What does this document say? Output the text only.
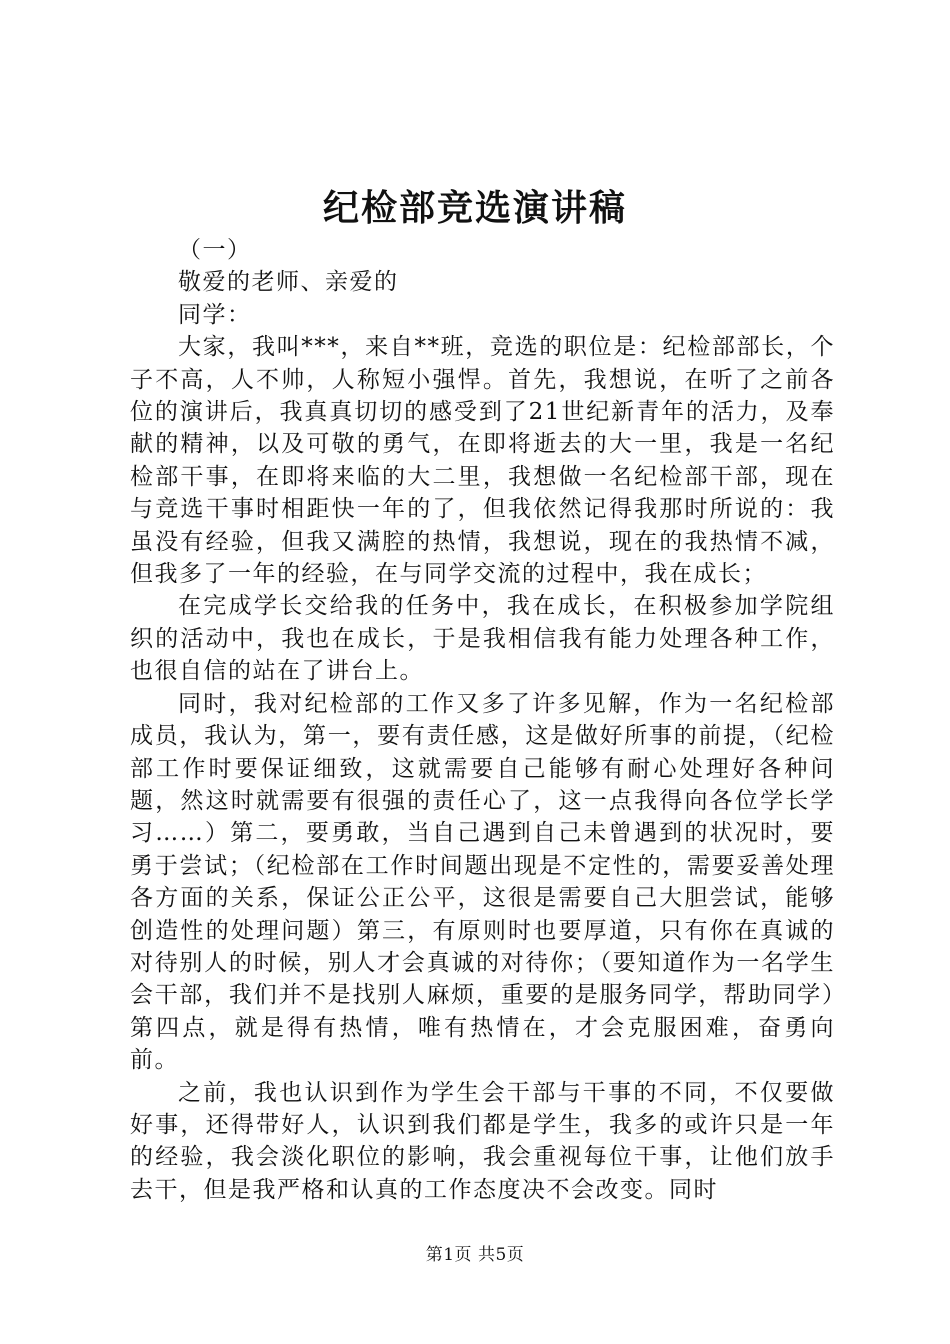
纪检部竞选演讲稿

（一）

敬爱的老师、亲爱的

同学：

大家，我叫***，来自**班，竞选的职位是：纪检部部长，个子不高，人不帅，人称短小强悍。首先，我想说，在听了之前各位的演讲后，我真真切切的感受到了21世纪新青年的活力，及奉献的精神，以及可敬的勇气，在即将逝去的大一里，我是一名纪检部干事，在即将来临的大二里，我想做一名纪检部干部，现在与竞选干事时相距快一年的了，但我依然记得我那时所说的：我虽没有经验，但我又满腔的热情，我想说，现在的我热情不减，但我多了一年的经验，在与同学交流的过程中，我在成长；

在完成学长交给我的任务中，我在成长，在积极参加学院组织的活动中，我也在成长，于是我相信我有能力处理各种工作，也很自信的站在了讲台上。

同时，我对纪检部的工作又多了许多见解，作为一名纪检部成员，我认为，第一，要有责任感，这是做好所事的前提，（纪检部工作时要保证细致，这就需要自己能够有耐心处理好各种问题，然这时就需要有很强的责任心了，这一点我得向各位学长学习……）第二，要勇敢，当自己遇到自己未曾遇到的状况时，要勇于尝试；（纪检部在工作时间题出现是不定性的，需要妥善处理各方面的关系，保证公正公平，这很是需要自己大胆尝试，能够创造性的处理问题）第三，有原则时也要厚道，只有你在真诚的对待别人的时候，别人才会真诚的对待你；（要知道作为一名学生会干部，我们并不是找别人麻烦，重要的是服务同学，帮助同学）第四点，就是得有热情，唯有热情在，才会克服困难，奋勇向前。

之前，我也认识到作为学生会干部与干事的不同，不仅要做好事，还得带好人，认识到我们都是学生，我多的或许只是一年的经验，我会淡化职位的影响，我会重视每位干事，让他们放手去干，但是我严格和认真的工作态度决不会改变。同时

第1页 共5页
